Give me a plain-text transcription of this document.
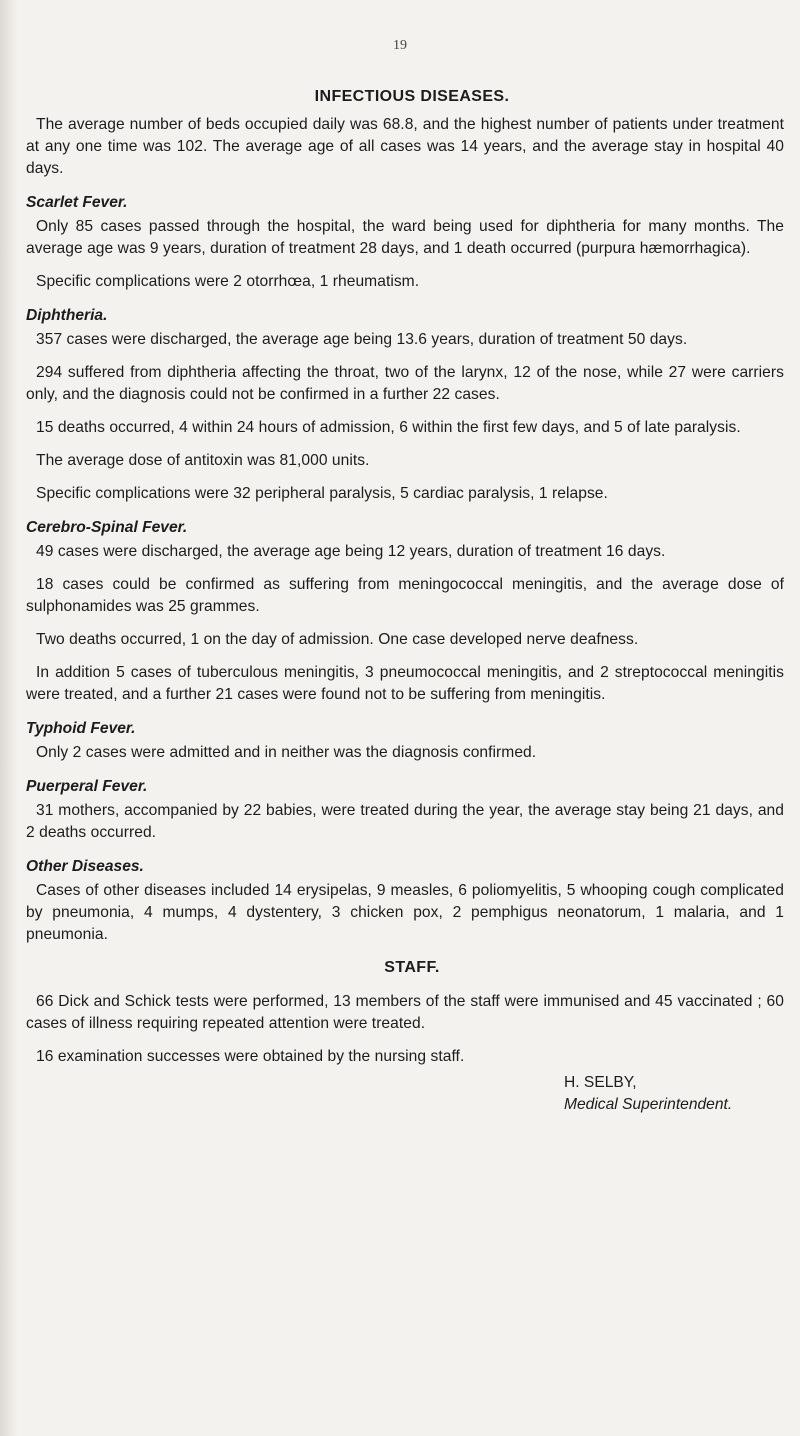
19
INFECTIOUS DISEASES.

The average number of beds occupied daily was 68.8, and the highest number of patients under treatment at any one time was 102. The average age of all cases was 14 years, and the average stay in hospital 40 days.

Scarlet Fever.

Only 85 cases passed through the hospital, the ward being used for diphtheria for many months. The average age was 9 years, duration of treatment 28 days, and 1 death occurred (purpura hæmorrhagica).

Specific complications were 2 otorrhœa, 1 rheumatism.

Diphtheria.

357 cases were discharged, the average age being 13.6 years, duration of treatment 50 days.

294 suffered from diphtheria affecting the throat, two of the larynx, 12 of the nose, while 27 were carriers only, and the diagnosis could not be confirmed in a further 22 cases.

15 deaths occurred, 4 within 24 hours of admission, 6 within the first few days, and 5 of late paralysis.

The average dose of antitoxin was 81,000 units.

Specific complications were 32 peripheral paralysis, 5 cardiac paralysis, 1 relapse.

Cerebro-Spinal Fever.

49 cases were discharged, the average age being 12 years, duration of treatment 16 days.

18 cases could be confirmed as suffering from meningococcal meningitis, and the average dose of sulphonamides was 25 grammes.

Two deaths occurred, 1 on the day of admission. One case developed nerve deafness.

In addition 5 cases of tuberculous meningitis, 3 pneumococcal meningitis, and 2 streptococcal meningitis were treated, and a further 21 cases were found not to be suffering from meningitis.

Typhoid Fever.

Only 2 cases were admitted and in neither was the diagnosis confirmed.

Puerperal Fever.

31 mothers, accompanied by 22 babies, were treated during the year, the average stay being 21 days, and 2 deaths occurred.

Other Diseases.

Cases of other diseases included 14 erysipelas, 9 measles, 6 poliomyelitis, 5 whooping cough complicated by pneumonia, 4 mumps, 4 dystentery, 3 chicken pox, 2 pemphigus neonatorum, 1 malaria, and 1 pneumonia.

STAFF.

66 Dick and Schick tests were performed, 13 members of the staff were immunised and 45 vaccinated ; 60 cases of illness requiring repeated attention were treated.

16 examination successes were obtained by the nursing staff.

H. SELBY,
Medical Superintendent.
